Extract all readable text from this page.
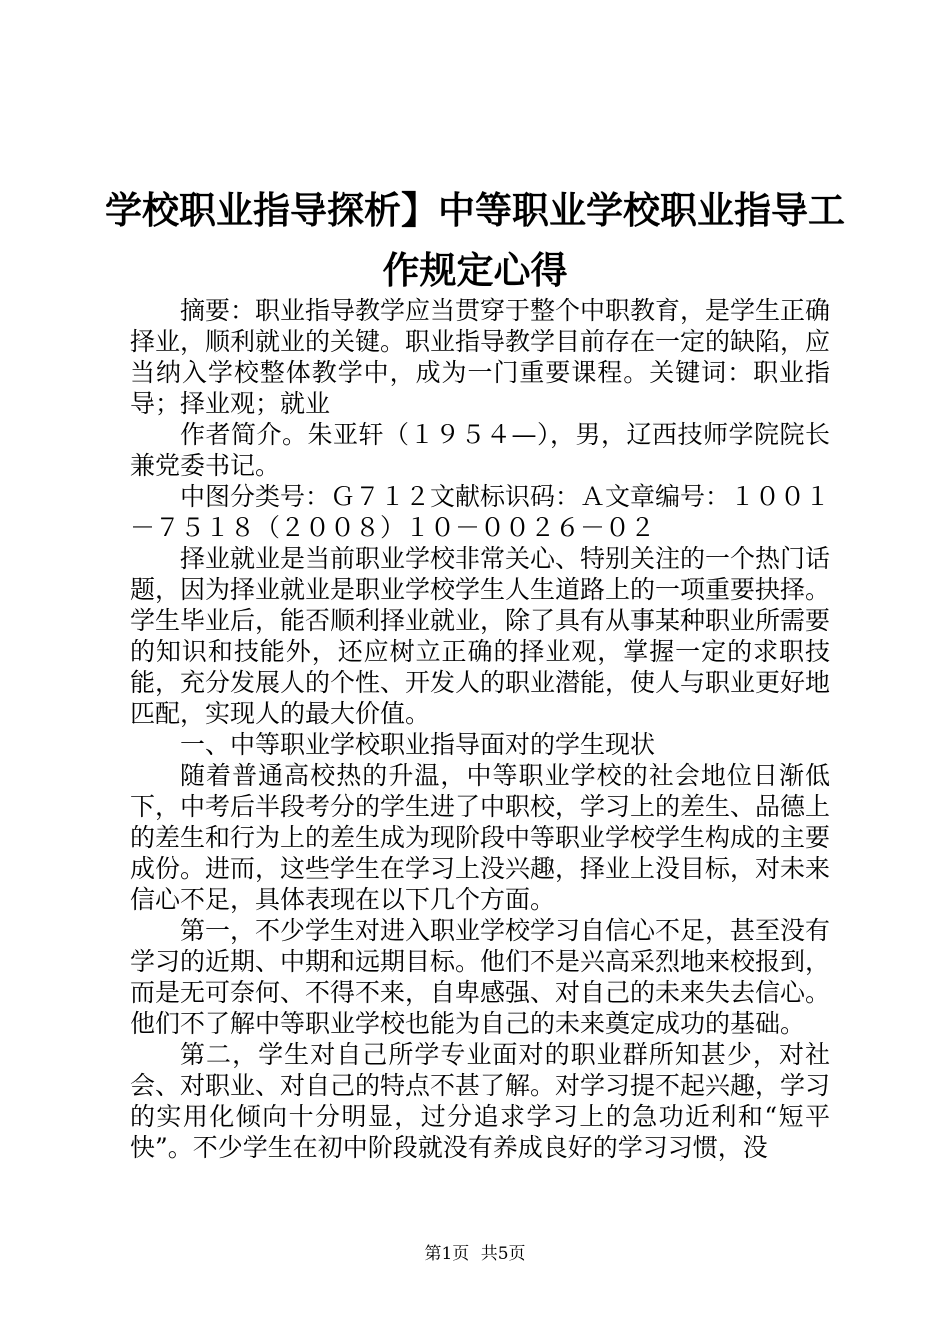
学校职业指导探析】中等职业学校职业指导工
作规定心得

摘要：职业指导教学应当贯穿于整个中职教育，是学生正确择业，顺利就业的关键。职业指导教学目前存在一定的缺陷，应当纳入学校整体教学中，成为一门重要课程。关键词：职业指导；择业观；就业

作者简介。朱亚轩（１９５４—），男，辽西技师学院院长兼党委书记。

中图分类号：Ｇ７１２文献标识码：Ａ文章编号：１００１－７５１８（２００８）１０－００２６－０２

择业就业是当前职业学校非常关心、特别关注的一个热门话题，因为择业就业是职业学校学生人生道路上的一项重要抉择。学生毕业后，能否顺利择业就业，除了具有从事某种职业所需要的知识和技能外，还应树立正确的择业观，掌握一定的求职技能，充分发展人的个性、开发人的职业潜能，使人与职业更好地匹配，实现人的最大价值。

一、中等职业学校职业指导面对的学生现状

随着普通高校热的升温，中等职业学校的社会地位日渐低下，中考后半段考分的学生进了中职校，学习上的差生、品德上的差生和行为上的差生成为现阶段中等职业学校学生构成的主要成份。进而，这些学生在学习上没兴趣，择业上没目标，对未来信心不足，具体表现在以下几个方面。

第一，不少学生对进入职业学校学习自信心不足，甚至没有学习的近期、中期和远期目标。他们不是兴高采烈地来校报到，而是无可奈何、不得不来，自卑感强、对自己的未来失去信心。他们不了解中等职业学校也能为自己的未来奠定成功的基础。

第二，学生对自己所学专业面对的职业群所知甚少，对社会、对职业、对自己的特点不甚了解。对学习提不起兴趣，学习的实用化倾向十分明显，过分追求学习上的急功近利和“短平快”。不少学生在初中阶段就没有养成良好的学习习惯，没

第1页 共5页
